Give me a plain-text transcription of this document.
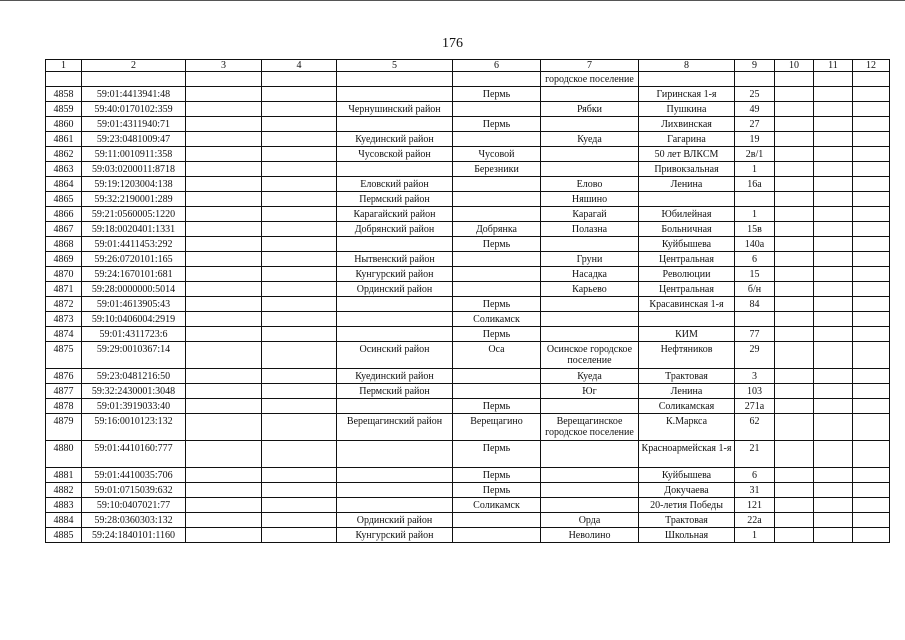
176
1	2	3	4	5	6	7	8	9	10	11	12
						городское поселение					
4858	59:01:4413941:48				Пермь		Гиринская 1-я	25			
4859	59:40:0170102:359			Чернушинский район		Рябки	Пушкина	49			
4860	59:01:4311940:71				Пермь		Лихвинская	27			
4861	59:23:0481009:47			Куединский район		Куеда	Гагарина	19			
4862	59:11:0010911:358			Чусовской район	Чусовой		50 лет ВЛКСМ	2в/1			
4863	59:03:0200011:8718				Березники		Привокзальная	1			
4864	59:19:1203004:138			Еловский район		Елово	Ленина	16а			
4865	59:32:2190001:289			Пермский район		Няшино					
4866	59:21:0560005:1220			Карагайский район		Карагай	Юбилейная	1			
4867	59:18:0020401:1331			Добрянский район	Добрянка	Полазна	Больничная	15в			
4868	59:01:4411453:292				Пермь		Куйбышева	140а			
4869	59:26:0720101:165			Нытвенский район		Груни	Центральная	6			
4870	59:24:1670101:681			Кунгурский район		Насадка	Революции	15			
4871	59:28:0000000:5014			Ординский район		Карьево	Центральная	б/н			
4872	59:01:4613905:43				Пермь		Красавинская 1-я	84			
4873	59:10:0406004:2919				Соликамск						
4874	59:01:4311723:6				Пермь		КИМ	77			
4875	59:29:0010367:14			Осинский район	Оса	Осинское городское поселение	Нефтяников	29			
4876	59:23:0481216:50			Куединский район		Куеда	Трактовая	3			
4877	59:32:2430001:3048			Пермский район		Юг	Ленина	103			
4878	59:01:3919033:40				Пермь		Соликамская	271а			
4879	59:16:0010123:132			Верещагинский район	Верещагино	Верещагинское городское поселение	К.Маркса	62			
4880	59:01:4410160:777				Пермь		Красноармейская 1-я	21			
4881	59:01:4410035:706				Пермь		Куйбышева	6			
4882	59:01:0715039:632				Пермь		Докучаева	31			
4883	59:10:0407021:77				Соликамск		20-летия Победы	121			
4884	59:28:0360303:132			Ординский район		Орда	Трактовая	22а			
4885	59:24:1840101:1160			Кунгурский район		Неволино	Школьная	1			
